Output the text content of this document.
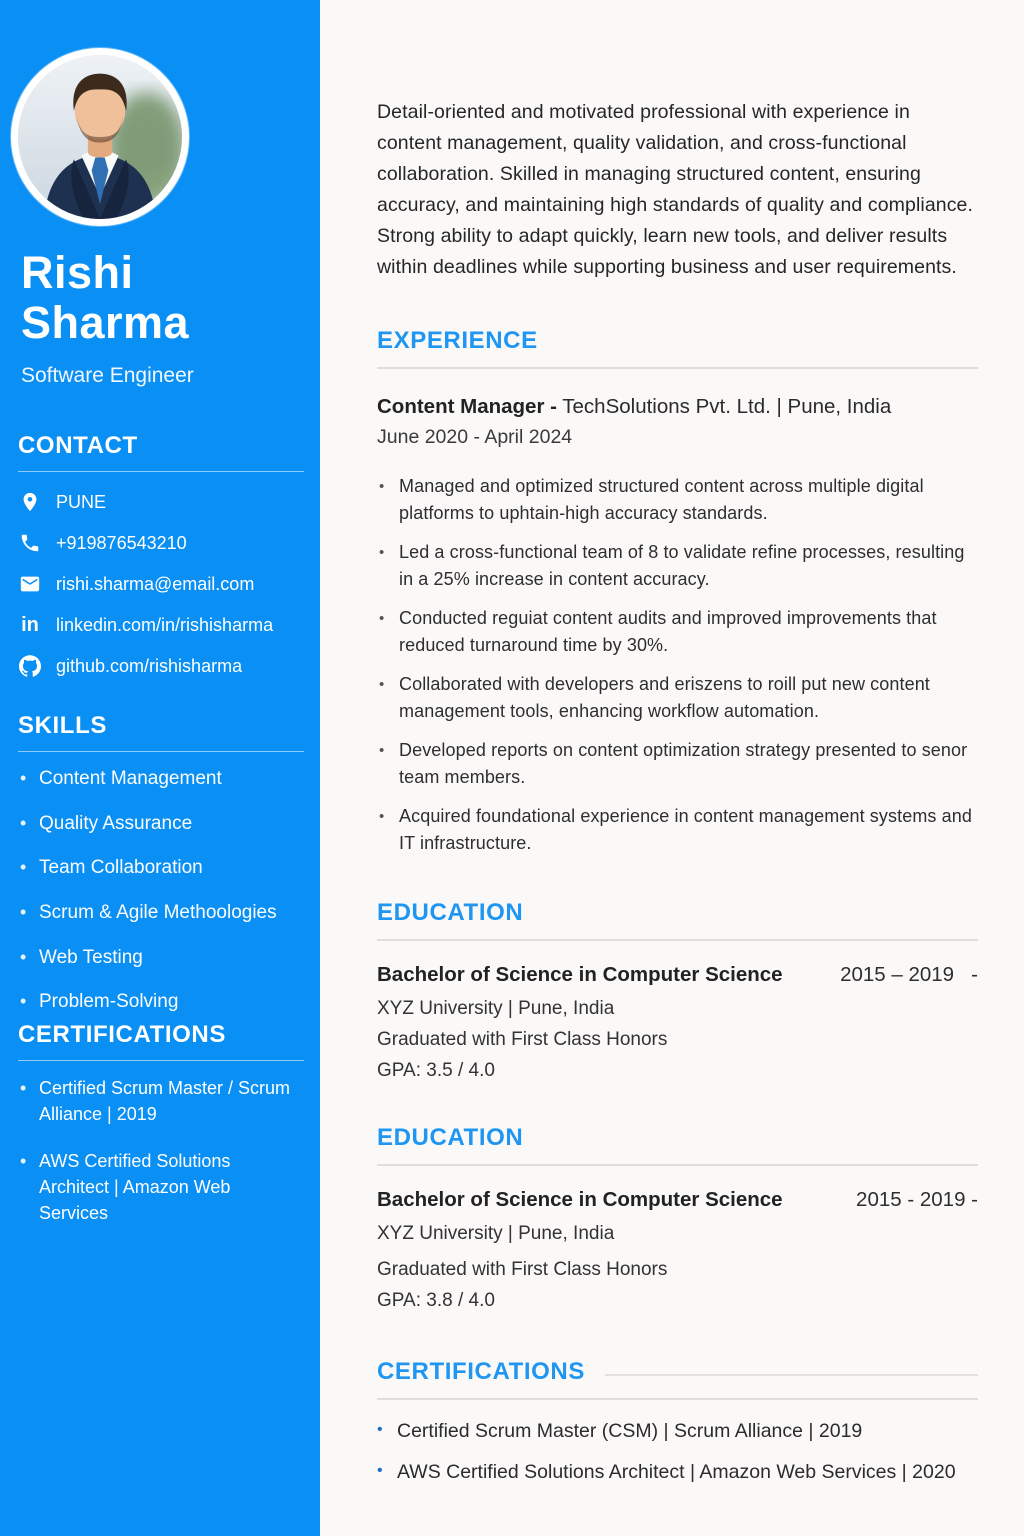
Rishi
Sharma
Software Engineer
CONTACT
PUNE
+919876543210
rishi.sharma@email.com
in linkedin.com/in/rishisharma
github.com/rishisharma
SKILLS
• Content Management
• Quality Assurance
• Team Collaboration
• Scrum & Agile Methoologies
• Web Testing
• Problem-Solving
CERTIFICATIONS
• Certified Scrum Master / Scrum Alliance | 2019
• AWS Certified Solutions Architect | Amazon Web Services

Detail-oriented and motivated professional with experience in content management, quality validation, and cross-functional collaboration. Skilled in managing structured content, ensuring accuracy, and maintaining high standards of quality and compliance. Strong ability to adapt quickly, learn new tools, and deliver results within deadlines while supporting business and user requirements.

EXPERIENCE
Content Manager - TechSolutions Pvt. Ltd. | Pune, India
June 2020 - April 2024
• Managed and optimized structured content across multiple digital platforms to uphtain-high accuracy standards.
• Led a cross-functional team of 8 to validate refine processes, resulting in a 25% increase in content accuracy.
• Conducted reguiat content audits and improved improvements that reduced turnaround time by 30%.
• Collaborated with developers and eriszens to roill put new content management tools, enhancing workflow automation.
• Developed reports on content optimization strategy presented to senor team members.
• Acquired foundational experience in content management systems and IT infrastructure.
EDUCATION
Bachelor of Science in Computer Science	2015 – 2019   -
XYZ University | Pune, India
Graduated with First Class Honors
GPA: 3.5 / 4.0
EDUCATION
Bachelor of Science in Computer Science	2015 - 2019 -
XYZ University | Pune, India
Graduated with First Class Honors
GPA: 3.8 / 4.0
CERTIFICATIONS
• Certified Scrum Master (CSM) | Scrum Alliance | 2019
• AWS Certified Solutions Architect | Amazon Web Services | 2020
